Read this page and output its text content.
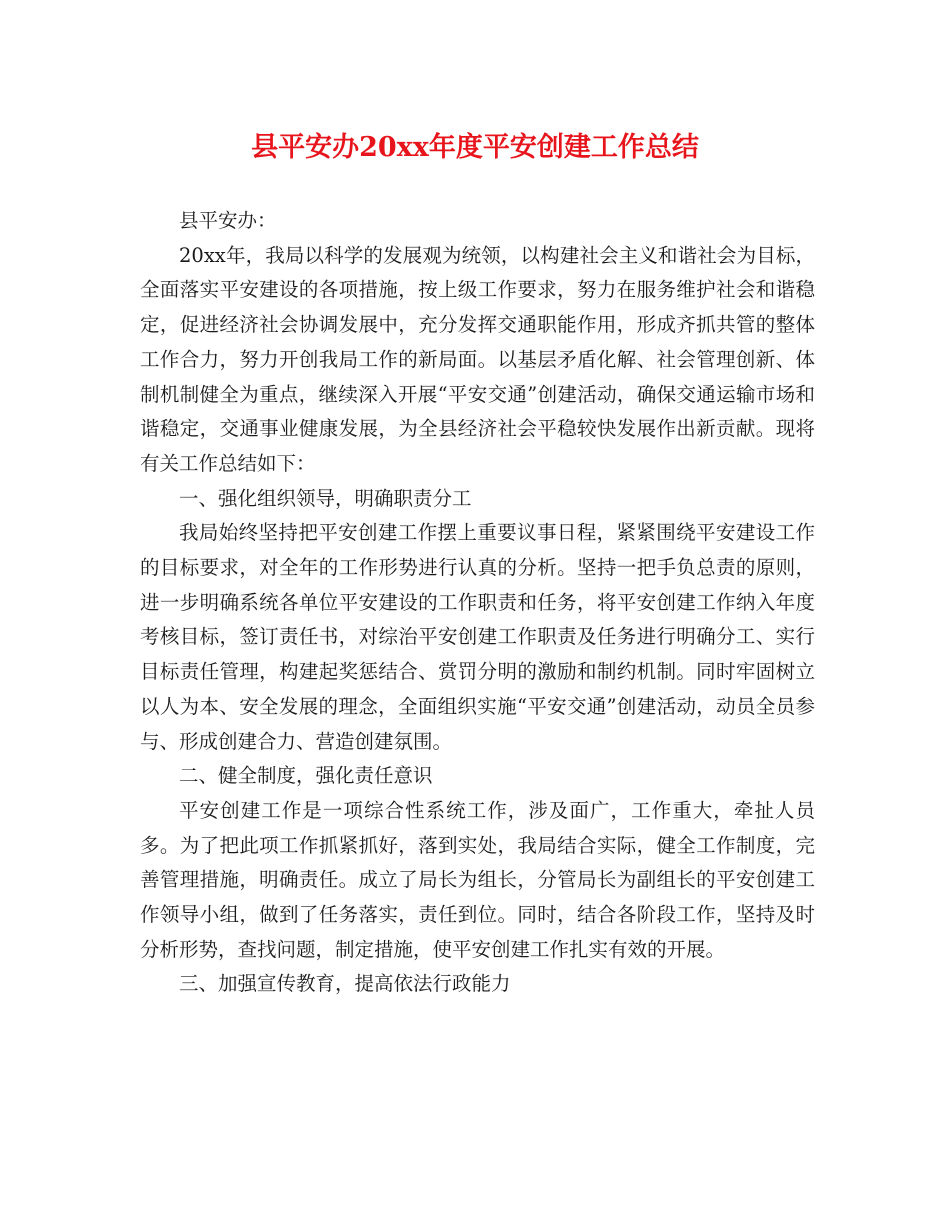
县平安办20xx年度平安创建工作总结

县平安办：

20xx年，我局以科学的发展观为统领，以构建社会主义和谐社会为目标，全面落实平安建设的各项措施，按上级工作要求，努力在服务维护社会和谐稳定，促进经济社会协调发展中，充分发挥交通职能作用，形成齐抓共管的整体工作合力，努力开创我局工作的新局面。以基层矛盾化解、社会管理创新、体制机制健全为重点，继续深入开展“平安交通”创建活动，确保交通运输市场和谐稳定，交通事业健康发展，为全县经济社会平稳较快发展作出新贡献。现将有关工作总结如下：

一、强化组织领导，明确职责分工

我局始终坚持把平安创建工作摆上重要议事日程，紧紧围绕平安建设工作的目标要求，对全年的工作形势进行认真的分析。坚持一把手负总责的原则，进一步明确系统各单位平安建设的工作职责和任务，将平安创建工作纳入年度考核目标，签订责任书，对综治平安创建工作职责及任务进行明确分工、实行目标责任管理，构建起奖惩结合、赏罚分明的激励和制约机制。同时牢固树立以人为本、安全发展的理念，全面组织实施“平安交通”创建活动，动员全员参与、形成创建合力、营造创建氛围。

二、健全制度，强化责任意识

平安创建工作是一项综合性系统工作，涉及面广，工作重大，牵扯人员多。为了把此项工作抓紧抓好，落到实处，我局结合实际，健全工作制度，完善管理措施，明确责任。成立了局长为组长，分管局长为副组长的平安创建工作领导小组，做到了任务落实，责任到位。同时，结合各阶段工作，坚持及时分析形势，查找问题，制定措施，使平安创建工作扎实有效的开展。

三、加强宣传教育，提高依法行政能力
